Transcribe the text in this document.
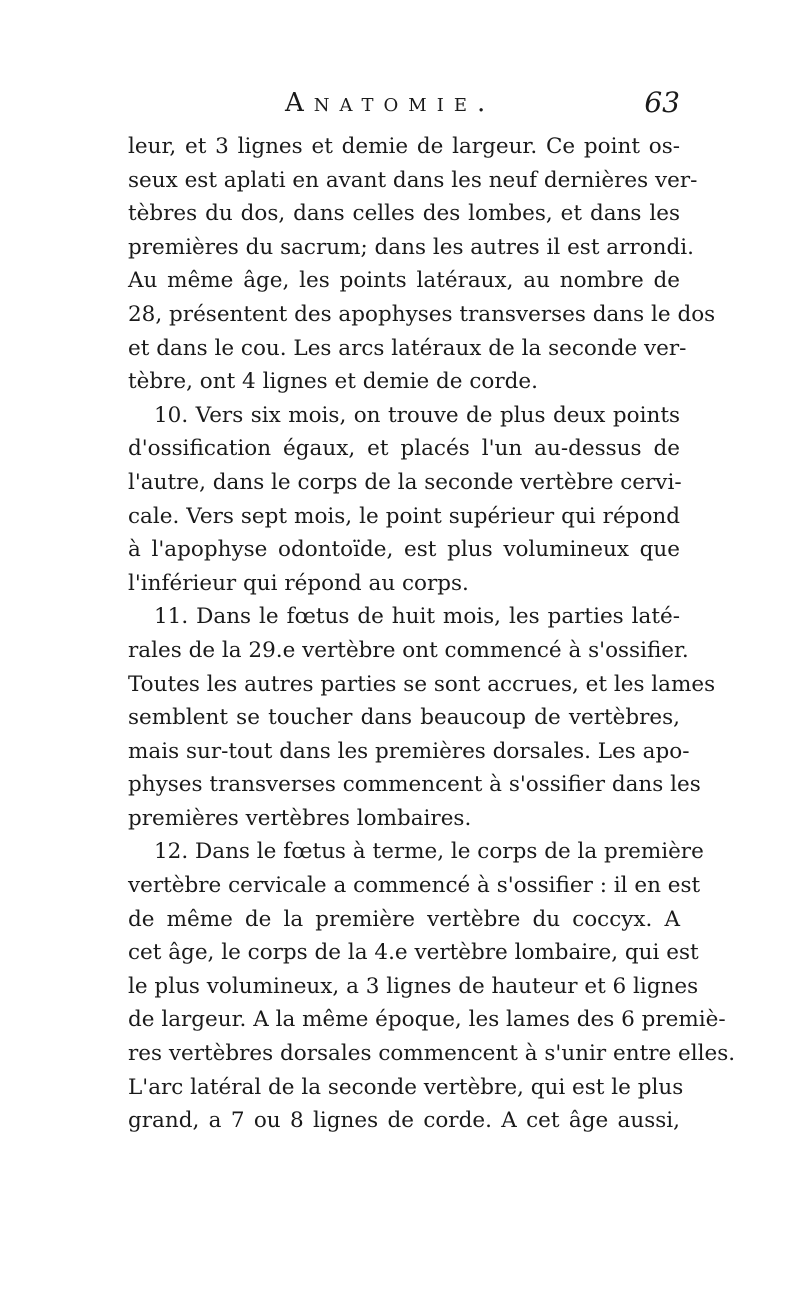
Anatomie.	63
leur, et 3 lignes et demie de largeur. Ce point os-
seux est aplati en avant dans les neuf dernières ver-
tèbres du dos, dans celles des lombes, et dans les
premières du sacrum; dans les autres il est arrondi.
Au même âge, les points latéraux, au nombre de
28, présentent des apophyses transverses dans le dos
et dans le cou. Les arcs latéraux de la seconde ver-
tèbre, ont 4 lignes et demie de corde.
10. Vers six mois, on trouve de plus deux points
d'ossification égaux, et placés l'un au-dessus de
l'autre, dans le corps de la seconde vertèbre cervi-
cale. Vers sept mois, le point supérieur qui répond
à l'apophyse odontoïde, est plus volumineux que
l'inférieur qui répond au corps.
11. Dans le fœtus de huit mois, les parties laté-
rales de la 29.e vertèbre ont commencé à s'ossifier.
Toutes les autres parties se sont accrues, et les lames
semblent se toucher dans beaucoup de vertèbres,
mais sur-tout dans les premières dorsales. Les apo-
physes transverses commencent à s'ossifier dans les
premières vertèbres lombaires.
12. Dans le fœtus à terme, le corps de la première
vertèbre cervicale a commencé à s'ossifier : il en est
de même de la première vertèbre du coccyx. A
cet âge, le corps de la 4.e vertèbre lombaire, qui est
le plus volumineux, a 3 lignes de hauteur et 6 lignes
de largeur. A la même époque, les lames des 6 premiè-
res vertèbres dorsales commencent à s'unir entre elles.
L'arc latéral de la seconde vertèbre, qui est le plus
grand, a 7 ou 8 lignes de corde. A cet âge aussi,
